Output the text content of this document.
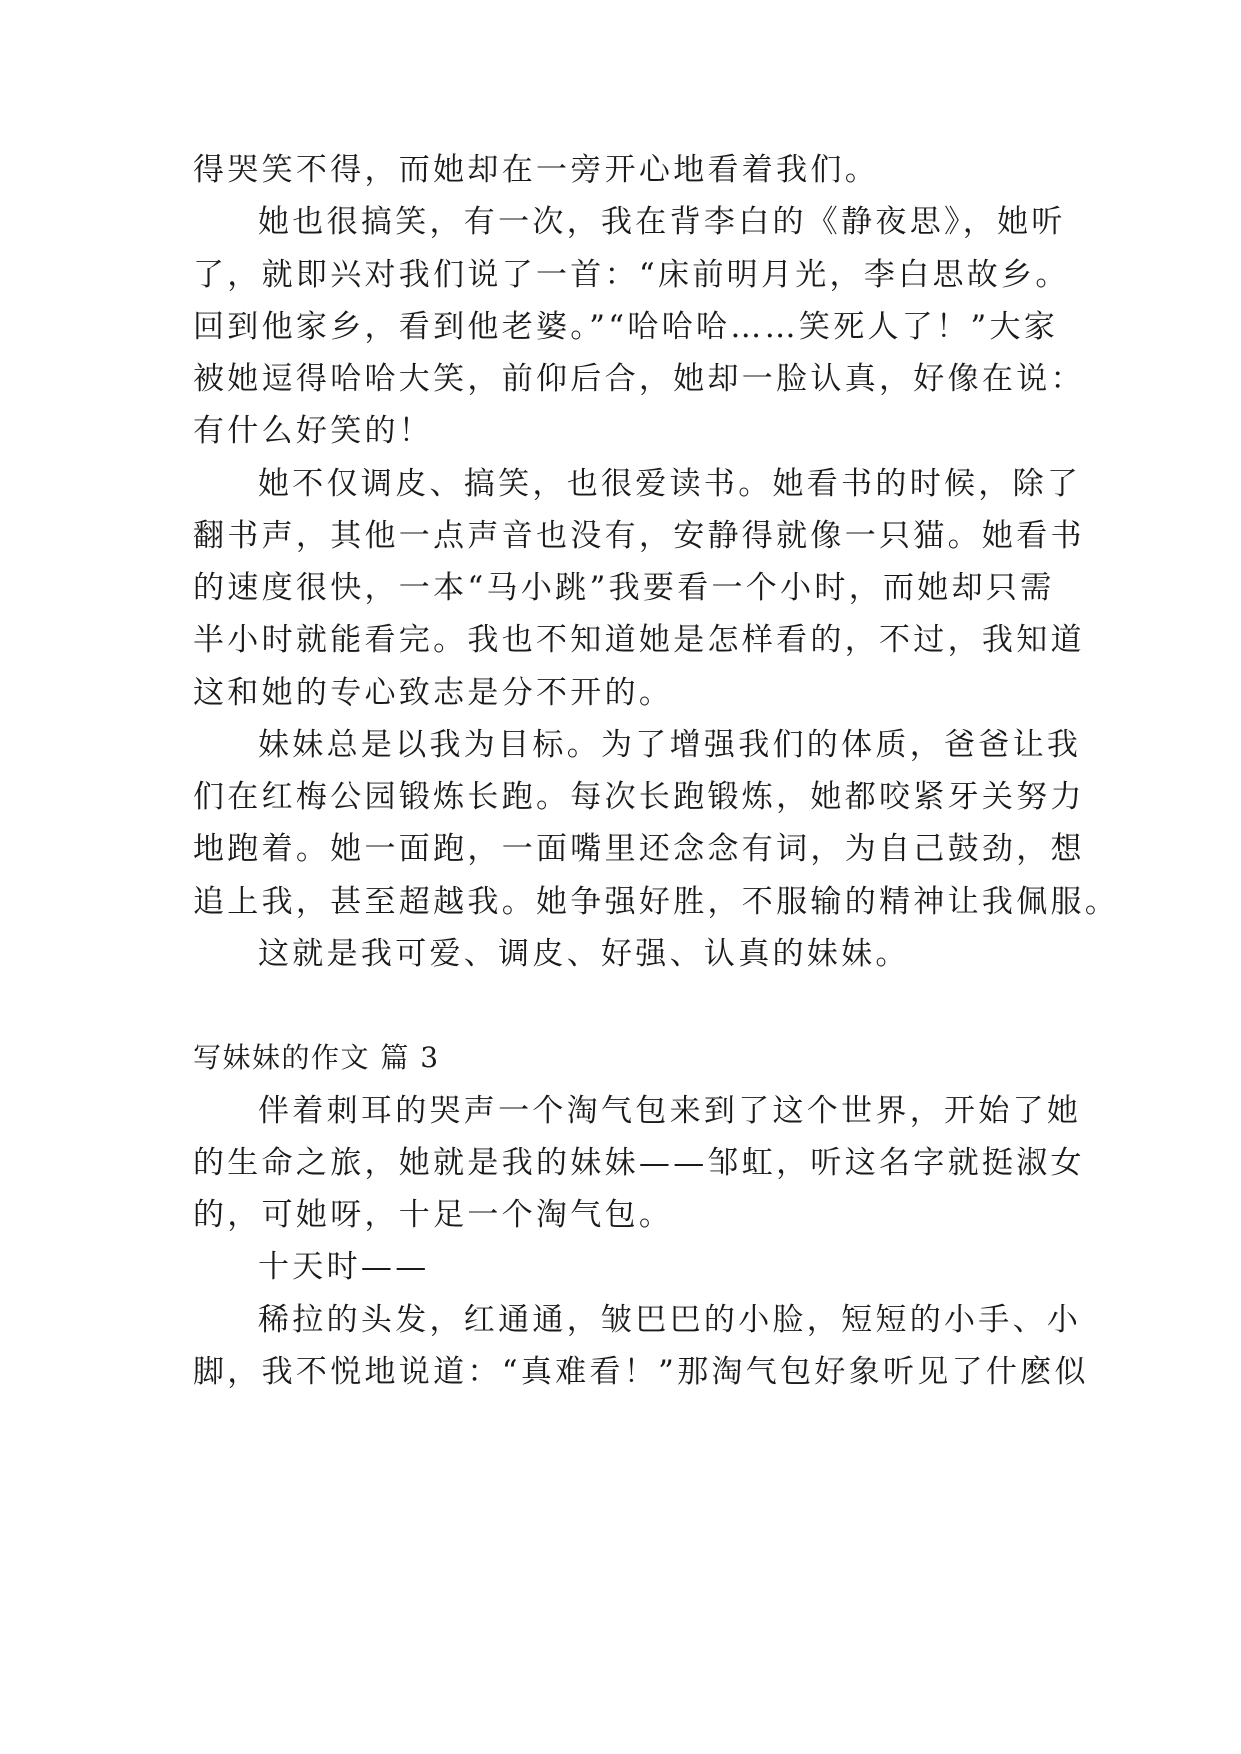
得哭笑不得，而她却在一旁开心地看着我们。
她也很搞笑，有一次，我在背李白的《静夜思》，她听
了，就即兴对我们说了一首：“床前明月光，李白思故乡。
回到他家乡，看到他老婆。”“哈哈哈……笑死人了！”大家
被她逗得哈哈大笑，前仰后合，她却一脸认真，好像在说：
有什么好笑的！
她不仅调皮、搞笑，也很爱读书。她看书的时候，除了
翻书声，其他一点声音也没有，安静得就像一只猫。她看书
的速度很快，一本“马小跳”我要看一个小时，而她却只需
半小时就能看完。我也不知道她是怎样看的，不过，我知道
这和她的专心致志是分不开的。
妹妹总是以我为目标。为了增强我们的体质，爸爸让我
们在红梅公园锻炼长跑。每次长跑锻炼，她都咬紧牙关努力
地跑着。她一面跑，一面嘴里还念念有词，为自己鼓劲，想
追上我，甚至超越我。她争强好胜，不服输的精神让我佩服。
这就是我可爱、调皮、好强、认真的妹妹。
写妹妹的作文 篇 3
伴着刺耳的哭声一个淘气包来到了这个世界，开始了她
的生命之旅，她就是我的妹妹——邹虹，听这名字就挺淑女
的，可她呀，十足一个淘气包。
十天时——
稀拉的头发，红通通，皱巴巴的小脸，短短的小手、小
脚，我不悦地说道：“真难看！”那淘气包好象听见了什麽似
